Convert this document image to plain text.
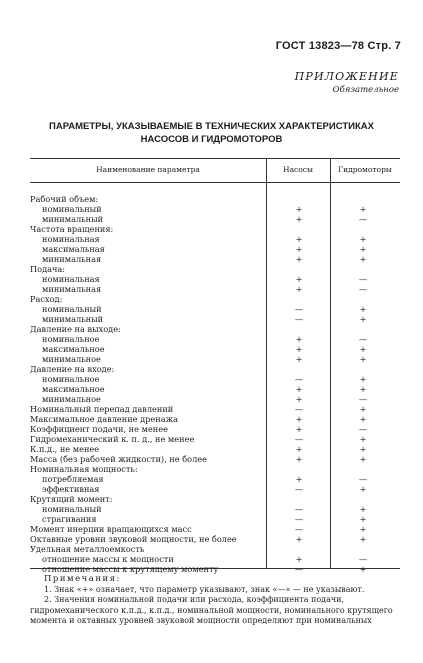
ГОСТ 13823—78 Стр. 7
ПРИЛОЖЕНИЕ
Обязательное
ПАРАМЕТРЫ, УКАЗЫВАЕМЫЕ В ТЕХНИЧЕСКИХ ХАРАКТЕРИСТИКАХ
НАСОСОВ И ГИДРОМОТОРОВ
Наименование параметра	Насосы	Гидромоторы
Рабочий объем:
номинальный	+	+
минимальный	+	—
Частота вращения:
номинальная	+	+
максимальная	+	+
минимальная	+	+
Подача:
номинальная	+	—
минимальная	+	—
Расход:
номинальный	—	+
минимальный	—	+
Давление на выходе:
номинальное	+	—
максимальное	+	+
минимальное	+	+
Давление на входе:
номинальное	—	+
максимальное	+	+
минимальное	+	—
Номинальный перепад давлений	—	+
Максимальное давление дренажа	+	+
Коэффициент подачи, не менее	+	—
Гидромеханический к. п. д., не менее	—	+
К.п.д., не менее	+	+
Масса (без рабочей жидкости), не более	+	+
Номинальная мощность:
потребляемая	+	—
эффективная	—	+
Крутящий момент:
номинальный	—	+
страгивания	—	+
Момент инерции вращающихся масс	—	+
Октавные уровни звуковой мощности, не более	+	+
Удельная металлоемкость
отношение массы к мощности	+	—
отношение массы к крутящему моменту	—	+

Примечания:

1. Знак «+» означает, что параметр указывают, знак «—» — не указывают.

2. Значения номинальной подачи или расхода, коэффициента подачи, гидромеханического к.п.д., к.п.д., номинальной мощности, номинального крутящего момента и октавных уровней звуковой мощности определяют при номинальных
